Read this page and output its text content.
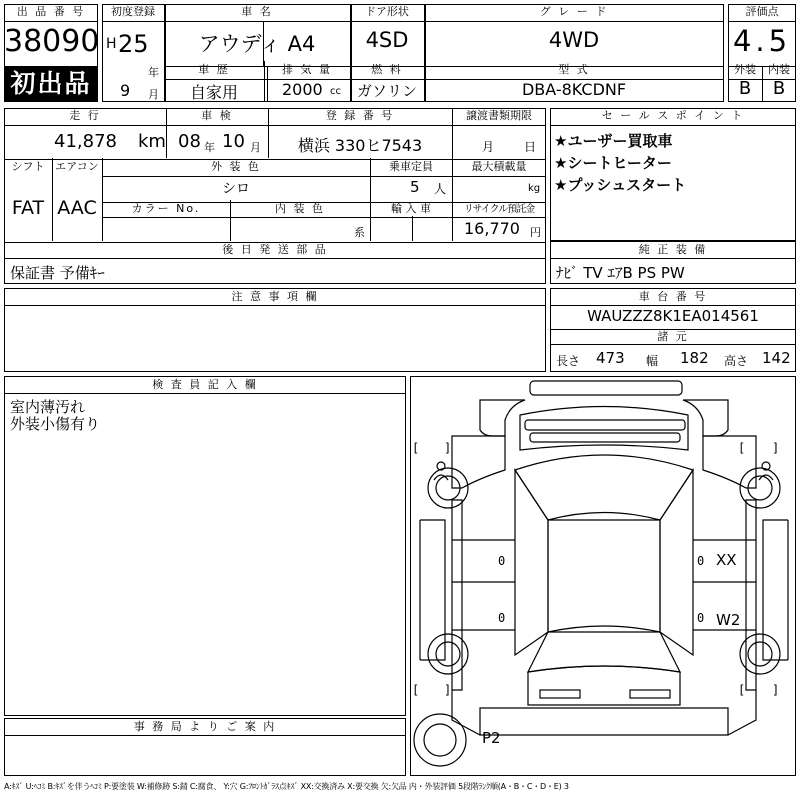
出 品 番 号
38090
初出品
初度登録
H 25
年
9 月
車 名
アウディ A4
車 歴
自家用
排 気 量
2000 cc
ドア形状
4SD
燃 料
ガソリン
グ レ ー ド
4WD
型 式
DBA-8KCDNF
評価点
4.5
外装	内装
B	B
走 行
41,878 km
車 検
08 年 10 月
登 録 番 号
横浜 330ヒ7543
譲渡書類期限
月 日
シフト
FAT
エアコン
AAC
外 装 色
シロ
乗車定員
5 人
最大積載量
kg
カラー No.	内 装 色
系
輸 入 車	リサイクル預託金
16,770 円
後 日 発 送 部 品
保証書 予備ｷｰ
セ ー ル ス ポ イ ン ト
★ユーザー買取車
★シートヒーター
★プッシュスタート
純 正 装 備
ﾅﾋﾞ TV ｴｱB PS PW
注 意 事 項 欄	車 台 番 号
WAUZZZ8K1EA014561
諸 元
長さ 473 幅 182 高さ 142
検 査 員 記 入 欄
室内薄汚れ
外装小傷有り
事 務 局 よ り ご 案 内
[ ]	[ ]
[ ]	[ ]
0
0
0
0
XX
W2
P2
A:ｷｽﾞ U:ﾍｺﾐ B:ｷｽﾞを伴うﾍｺﾐ P:要塗装 W:補修跡 S:錆 C:腐食、 Y:穴 G:ﾌﾛﾝﾄｶﾞﾗｽ点ｷｽﾞ XX:交換済み X:要交換 欠:欠品 内・外装評価 5段階ﾗﾝｸ順(A・B・C・D・E) 3
